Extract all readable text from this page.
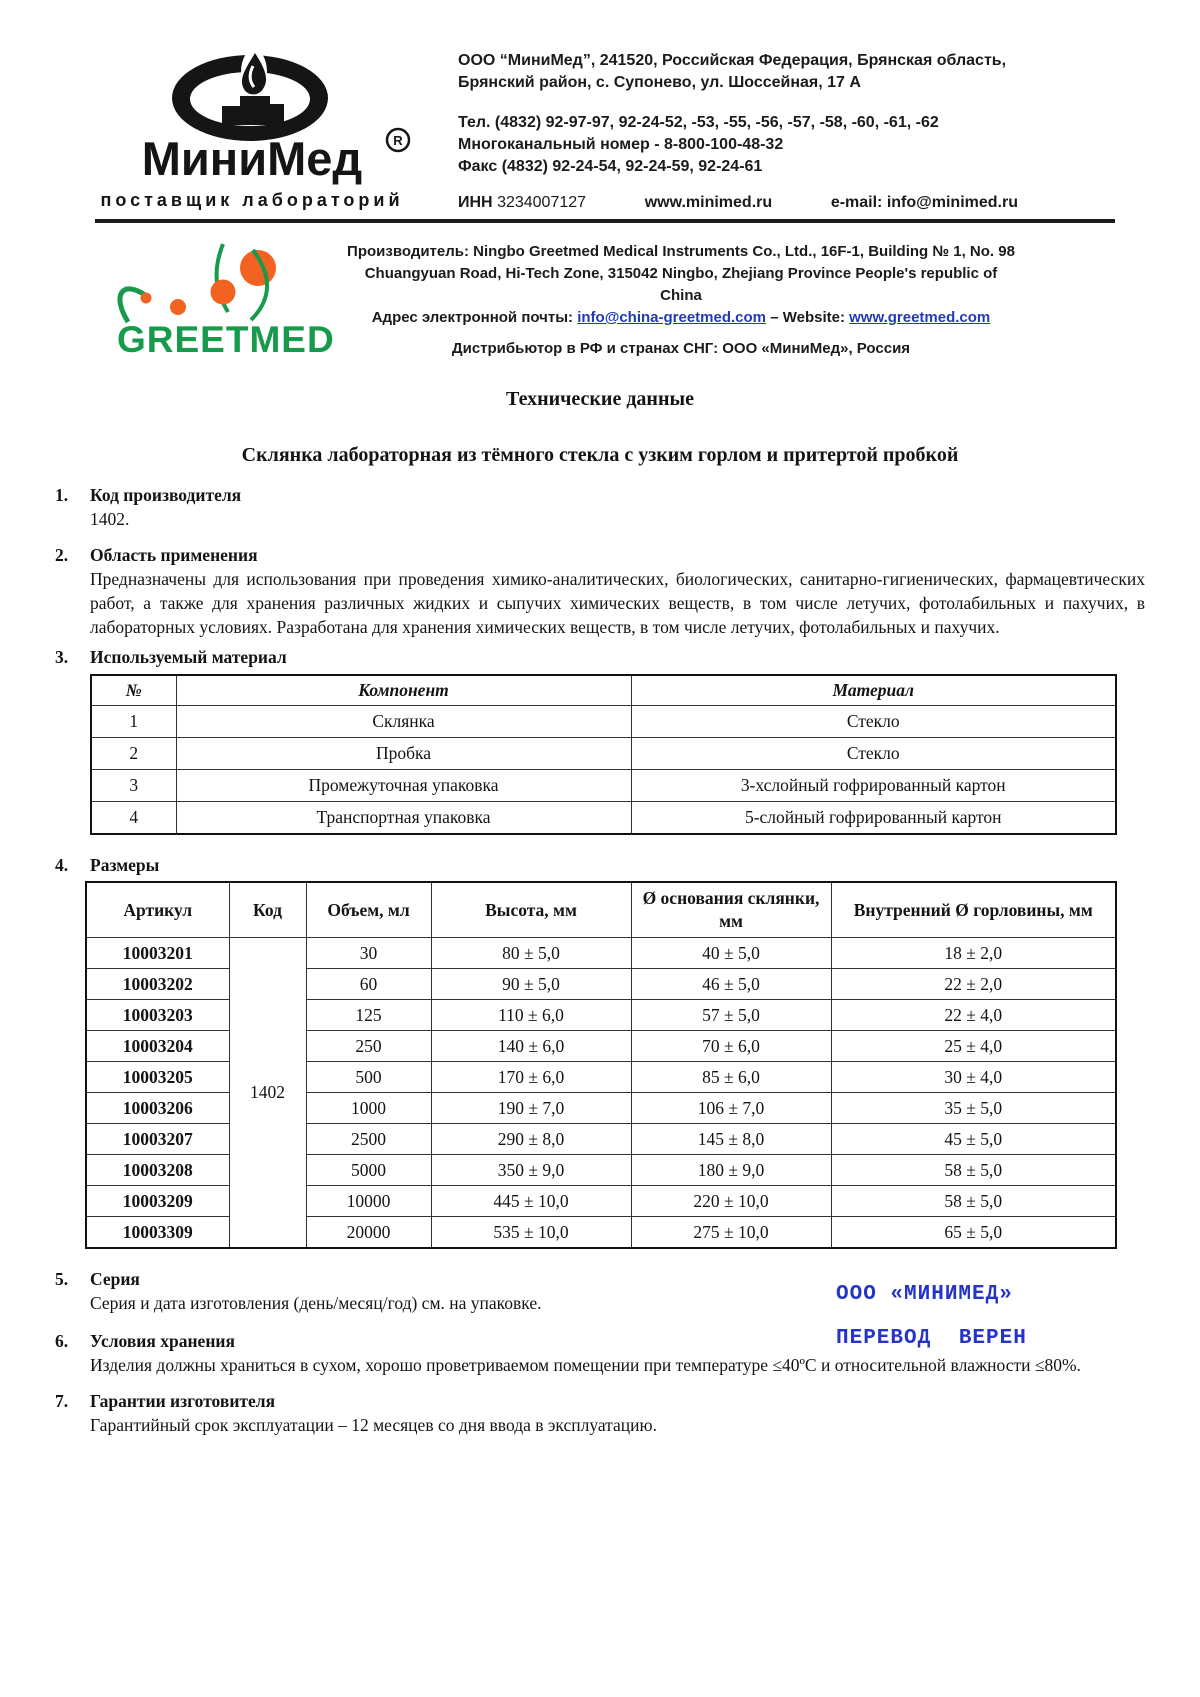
МиниМед R
поставщик лабораторий
ООО “МиниМед”, 241520, Российская Федерация, Брянская область,
Брянский район, с. Супонево, ул. Шоссейная, 17 А
Тел. (4832) 92-97-97, 92-24-52, -53, -55, -56, -57, -58, -60, -61, -62
Многоканальный номер - 8-800-100-48-32
Факс (4832) 92-24-54, 92-24-59, 92-24-61
ИНН 3234007127	www.minimed.ru	e-mail: info@minimed.ru
GREETMED
Производитель: Ningbo Greetmed Medical Instruments Co., Ltd., 16F-1, Building № 1, No. 98
Chuangyuan Road, Hi-Tech Zone, 315042 Ningbo, Zhejiang Province People's republic of China
Адрес электронной почты: info@china-greetmed.com – Website: www.greetmed.com
Дистрибьютор в РФ и странах СНГ: ООО «МиниМед», Россия
Технические данные
Склянка лабораторная из тёмного стекла с узким горлом и притертой пробкой
1.	Код производителя
1402.
2.	Область применения
Предназначены для использования при проведения химико-аналитических, биологических, санитарно-гигиенических, фармацевтических работ, а также для хранения различных жидких и сыпучих химических веществ, в том числе летучих, фотолабильных и пахучих, в лабораторных условиях. Разработана для хранения химических веществ, в том числе летучих, фотолабильных и пахучих.
3.	Используемый материал
№	Компонент	Материал
1	Склянка	Стекло
2	Пробка	Стекло
3	Промежуточная упаковка	3-хслойный гофрированный картон
4	Транспортная упаковка	5-слойный гофрированный картон
4.	Размеры
Артикул	Код	Объем, мл	Высота, мм	Ø основания склянки, мм	Внутренний Ø горловины, мм
10003201	1402	30	80 ± 5,0	40 ± 5,0	18 ± 2,0
10003202		60	90 ± 5,0	46 ± 5,0	22 ± 2,0
10003203		125	110 ± 6,0	57 ± 5,0	22 ± 4,0
10003204		250	140 ± 6,0	70 ± 6,0	25 ± 4,0
10003205		500	170 ± 6,0	85 ± 6,0	30 ± 4,0
10003206		1000	190 ± 7,0	106 ± 7,0	35 ± 5,0
10003207		2500	290 ± 8,0	145 ± 8,0	45 ± 5,0
10003208		5000	350 ± 9,0	180 ± 9,0	58 ± 5,0
10003209		10000	445 ± 10,0	220 ± 10,0	58 ± 5,0
10003309		20000	535 ± 10,0	275 ± 10,0	65 ± 5,0
5.	Серия
Серия и дата изготовления (день/месяц/год) см. на упаковке.
6.	Условия хранения
Изделия должны храниться в сухом, хорошо проветриваемом помещении при температуре ≤40ºС и относительной влажности ≤80%.
7.	Гарантии изготовителя
Гарантийный срок эксплуатации – 12 месяцев со дня ввода в эксплуатацию.
ООО «МИНИМЕД»
ПЕРЕВОД ВЕРЕН
